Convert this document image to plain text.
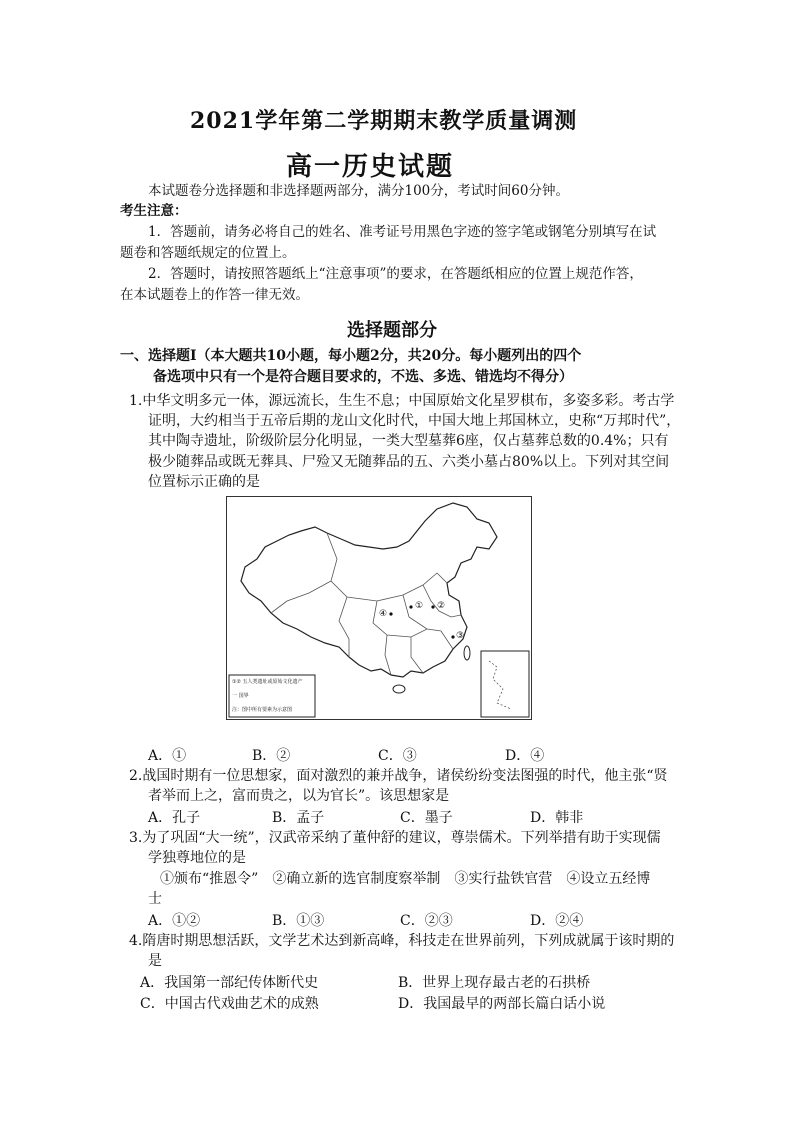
2021学年第二学期期末教学质量调测
高一历史试题
本试题卷分选择题和非选择题两部分，满分100分，考试时间60分钟。
考生注意：
1．答题前，请务必将自己的姓名、准考证号用黑色字迹的签字笔或钢笔分别填写在试
题卷和答题纸规定的位置上。
2．答题时，请按照答题纸上“注意事项”的要求，在答题纸相应的位置上规范作答，
在本试题卷上的作答一律无效。
选择题部分
一、选择题Ⅰ（本大题共10小题，每小题2分，共20分。每小题列出的四个
备选项中只有一个是符合题目要求的，不选、多选、错选均不得分）
1.中华文明多元一体，源远流长，生生不息；中国原始文化星罗棋布，多姿多彩。考古学
证明，大约相当于五帝后期的龙山文化时代，中国大地上邦国林立，史称“万邦时代”，
其中陶寺遗址，阶级阶层分化明显，一类大型墓葬6座，仅占墓葬总数的0.4%；只有
极少随葬品或既无葬具、尸殓又无随葬品的五、六类小墓占80%以上。下列对其空间
位置标示正确的是
① ②
③
④
①② 五人类遗址或原始文化遗产
一 国界
注：图中所有要素为示意图
A．①	B．②	C．③	D．④
2.战国时期有一位思想家，面对激烈的兼并战争，诸侯纷纷变法图强的时代，他主张“贤
者举而上之，富而贵之，以为官长”。该思想家是
A．孔子	B．孟子	C．墨子	D．韩非
3.为了巩固“大一统”，汉武帝采纳了董仲舒的建议，尊崇儒术。下列举措有助于实现儒
学独尊地位的是
①颁布“推恩令”　②确立新的选官制度察举制　③实行盐铁官营　④设立五经博
士
A．①②	B．①③	C．②③	D．②④
4.隋唐时期思想活跃，文学艺术达到新高峰，科技走在世界前列，下列成就属于该时期的
是
A．我国第一部纪传体断代史	B．世界上现存最古老的石拱桥
C．中国古代戏曲艺术的成熟	D．我国最早的两部长篇白话小说
